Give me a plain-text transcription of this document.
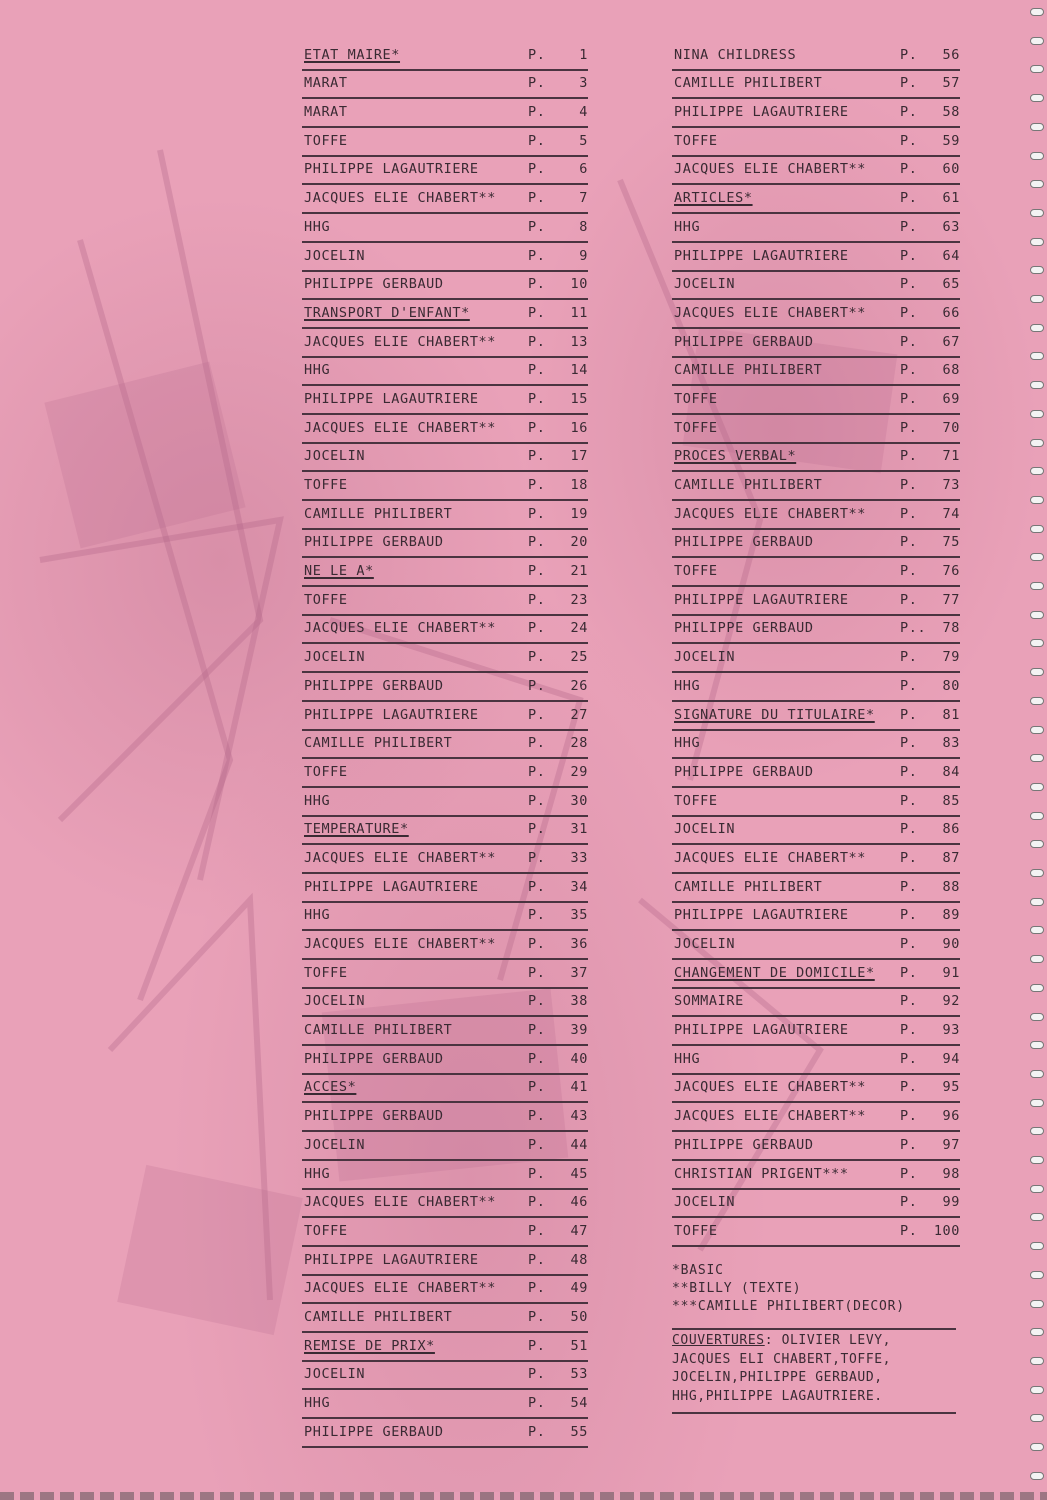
ETAT MAIRE*	P.	1
MARAT	P.	3
MARAT	P.	4
TOFFE	P.	5
PHILIPPE LAGAUTRIERE	P.	6
JACQUES ELIE CHABERT** P.	7
HHG	P.	8
JOCELIN	P.	9
PHILIPPE GERBAUD	P. 10
TRANSPORT D'ENFANT*	P. 11
JACQUES ELIE CHABERT** P. 13
HHG	P. 14
PHILIPPE LAGAUTRIERE	P. 15
JACQUES ELIE CHABERT** P. 16
JOCELIN	P. 17
TOFFE	P. 18
CAMILLE PHILIBERT	P. 19
PHILIPPE GERBAUD	P. 20
NE LE A*	P. 21
TOFFE	P. 23
JACQUES ELIE CHABERT** P. 24
JOCELIN	P. 25
PHILIPPE GERBAUD	P. 26
PHILIPPE LAGAUTRIERE	P. 27
CAMILLE PHILIBERT	P. 28
TOFFE	P. 29
HHG	P. 30
TEMPERATURE*	P. 31
JACQUES ELIE CHABERT** P. 33
PHILIPPE LAGAUTRIERE	P. 34
HHG	P. 35
JACQUES ELIE CHABERT** P. 36
TOFFE	P. 37
JOCELIN	P. 38
CAMILLE PHILIBERT	P. 39
PHILIPPE GERBAUD	P. 40
ACCES*	P. 41
PHILIPPE GERBAUD	P. 43
JOCELIN	P. 44
HHG	P. 45
JACQUES ELIE CHABERT** P. 46
TOFFE	P. 47
PHILIPPE LAGAUTRIERE	P. 48
JACQUES ELIE CHABERT** P. 49
CAMILLE PHILIBERT	P. 50
REMISE DE PRIX*	P. 51
JOCELIN	P. 53
HHG	P. 54
PHILIPPE GERBAUD	P. 55
NINA CHILDRESS	P. 56
CAMILLE PHILIBERT	P. 57
PHILIPPE LAGAUTRIERE	P. 58
TOFFE	P. 59
JACQUES ELIE CHABERT**	P. 60
ARTICLES*	P. 61
HHG	P. 63
PHILIPPE LAGAUTRIERE	P. 64
JOCELIN	P. 65
JACQUES ELIE CHABERT**	P. 66
PHILIPPE GERBAUD	P. 67
CAMILLE PHILIBERT	P. 68
TOFFE	P. 69
TOFFE	P. 70
PROCES VERBAL*	P. 71
CAMILLE PHILIBERT	P. 73
JACQUES ELIE CHABERT**	P. 74
PHILIPPE GERBAUD	P. 75
TOFFE	P. 76
PHILIPPE LAGAUTRIERE	P. 77
PHILIPPE GERBAUD	P.. 78
JOCELIN	P. 79
HHG	P. 80
SIGNATURE DU TITULAIRE* P. 81
HHG	P. 83
PHILIPPE GERBAUD	P. 84
TOFFE	P. 85
JOCELIN	P. 86
JACQUES ELIE CHABERT**	P. 87
CAMILLE PHILIBERT	P. 88
PHILIPPE LAGAUTRIERE	P. 89
JOCELIN	P. 90
CHANGEMENT DE DOMICILE* P. 91
SOMMAIRE	P. 92
PHILIPPE LAGAUTRIERE	P. 93
HHG	P. 94
JACQUES ELIE CHABERT**	P. 95
JACQUES ELIE CHABERT**	P. 96
PHILIPPE GERBAUD	P. 97
CHRISTIAN PRIGENT***	P. 98
JOCELIN	P. 99
TOFFE	P. 100
*BASIC
**BILLY (TEXTE)
***CAMILLE PHILIBERT(DECOR)
COUVERTURES: OLIVIER LEVY,
JACQUES ELI CHABERT,TOFFE,
JOCELIN,PHILIPPE GERBAUD,
HHG,PHILIPPE LAGAUTRIERE.
